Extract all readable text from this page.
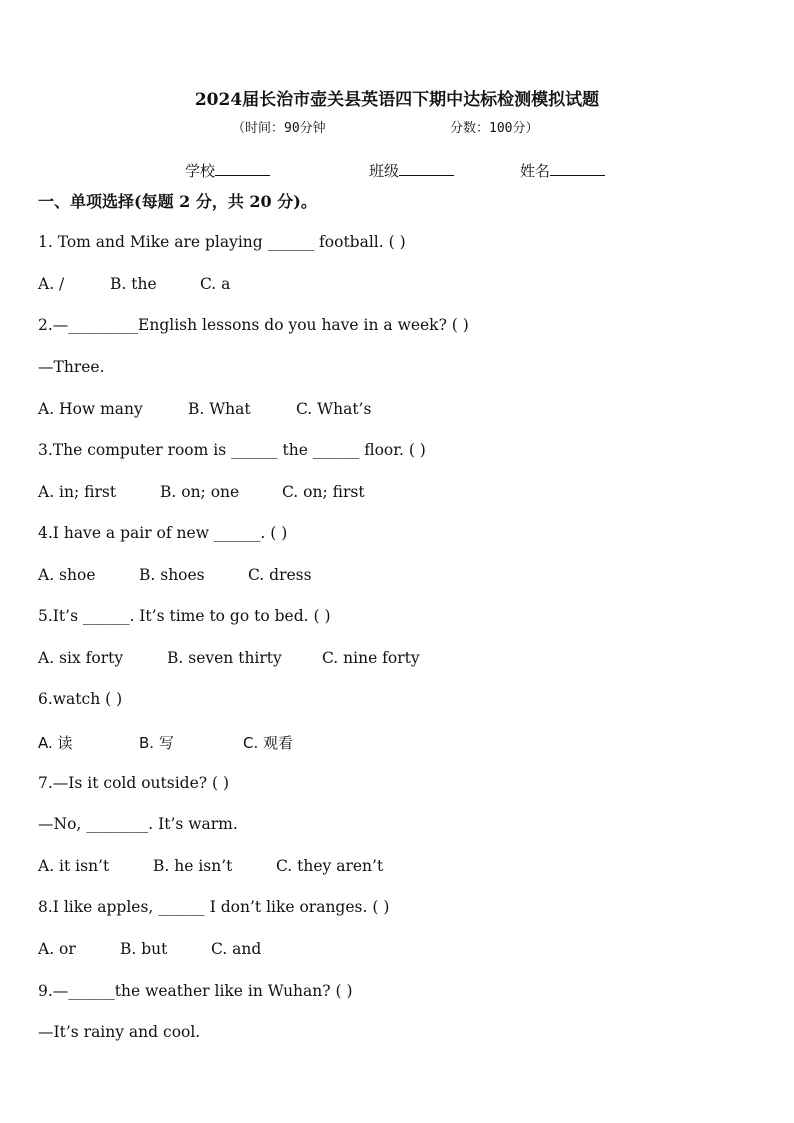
2024届长治市壶关县英语四下期中达标检测模拟试题
（时间：90分钟	分数：100分）
学校	班级	姓名
一、单项选择(每题 2 分，共 20 分)。
1. Tom and Mike are playing ______ football. ( )
A. /	B. the	C. a
2.—_________English lessons do you have in a week? ( )
—Three.
A. How many	B. What	C. What’s
3.The computer room is ______ the ______ floor. ( )
A. in; first	B. on; one	C. on; first
4.I have a pair of new ______. ( )
A. shoe	B. shoes	C. dress
5.It’s ______. It’s time to go to bed. ( )
A. six forty	B. seven thirty	C. nine forty
6.watch ( )
A. 读	B. 写	C. 观看
7.—Is it cold outside? ( )
—No, ________. It’s warm.
A. it isn’t	B. he isn’t	C. they aren’t
8.I like apples, ______ I don’t like oranges. ( )
A. or	B. but	C. and
9.—______the weather like in Wuhan? ( )
—It’s rainy and cool.
